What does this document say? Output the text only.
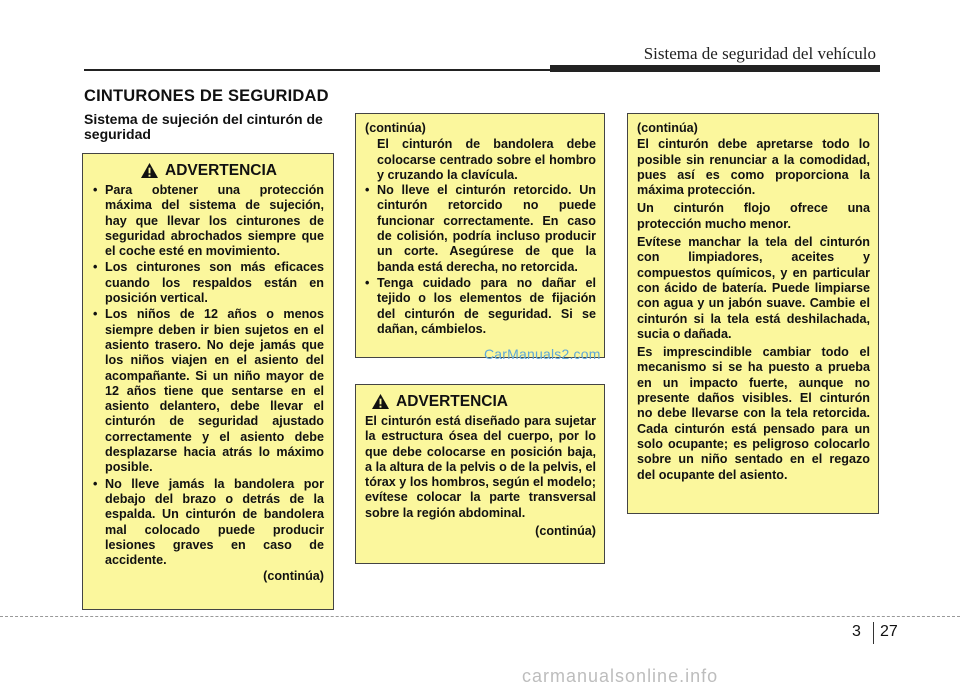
Sistema de seguridad del vehículo
CINTURONES DE SEGURIDAD
Sistema de sujeción del cinturón de seguridad
ADVERTENCIA
• Para obtener una protección máxima del sistema de sujeción, hay que llevar los cinturones de seguridad abrochados siempre que el coche esté en movimiento.
• Los cinturones son más eficaces cuando los respaldos están en posición vertical.
• Los niños de 12 años o menos siempre deben ir bien sujetos en el asiento trasero. No deje jamás que los niños viajen en el asiento del acompañante. Si un niño mayor de 12 años tiene que sentarse en el asiento delantero, debe llevar el cinturón de seguridad ajustado correctamente y el asiento debe desplazarse hacia atrás lo máximo posible.
• No lleve jamás la bandolera por debajo del brazo o detrás de la espalda. Un cinturón de bandolera mal colocado puede producir lesiones graves en caso de accidente.
(continúa)
(continúa)
El cinturón de bandolera debe colocarse centrado sobre el hombro y cruzando la clavícula.
• No lleve el cinturón retorcido. Un cinturón retorcido no puede funcionar correctamente. En caso de colisión, podría incluso producir un corte. Asegúrese de que la banda está derecha, no retorcida.
• Tenga cuidado para no dañar el tejido o los elementos de fijación del cinturón de seguridad. Si se dañan, cámbielos.
CarManuals2.com
ADVERTENCIA
El cinturón está diseñado para sujetar la estructura ósea del cuerpo, por lo que debe colocarse en posición baja, a la altura de la pelvis o de la pelvis, el tórax y los hombros, según el modelo; evítese colocar la parte transversal sobre la región abdominal.
(continúa)
(continúa)

El cinturón debe apretarse todo lo posible sin renunciar a la comodidad, pues así es como proporciona la máxima protección.

Un cinturón flojo ofrece una protección mucho menor.

Evítese manchar la tela del cinturón con limpiadores, aceites y compuestos químicos, y en particular con ácido de batería. Puede limpiarse con agua y un jabón suave. Cambie el cinturón si la tela está deshilachada, sucia o dañada.

Es imprescindible cambiar todo el mecanismo si se ha puesto a prueba en un impacto fuerte, aunque no presente daños visibles. El cinturón no debe llevarse con la tela retorcida. Cada cinturón está pensado para un solo ocupante; es peligroso colocarlo sobre un niño sentado en el regazo del ocupante del asiento.

3 27
carmanualsonline.info
